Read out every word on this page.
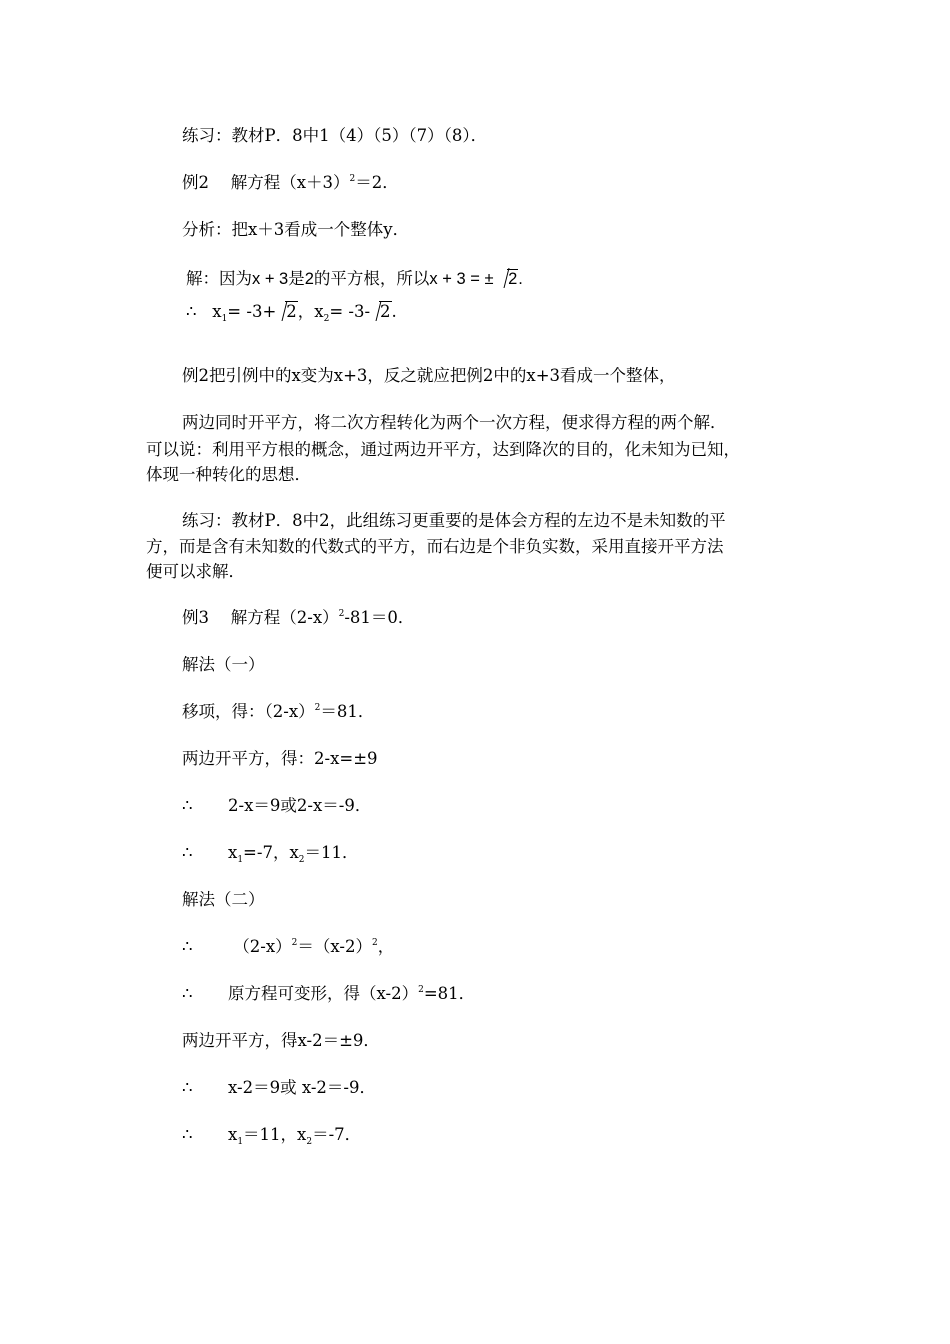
练习：教材P．8中1（4）（5）（7）（8）．
例2　 解方程$(x+3)^2=2$．
分析：把x＋3看成一个整体y．
解：因为x + 3是2的平方根，所以x + 3 = ± 2.
∴ $x_1= -3+ 2$，$x_2= -3-$ 2.
例2把引例中的x变为x+3，反之就应把例2中的x+3看成一个整体，
两边同时开平方，将二次方程转化为两个一次方程，便求得方程的两个解．
可以说：利用平方根的概念，通过两边开平方，达到降次的目的，化未知为已知，
体现一种转化的思想．
练习：教材P．8中2，此组练习更重要的是体会方程的左边不是未知数的平
方，而是含有未知数的代数式的平方，而右边是个非负实数，采用直接开平方法
便可以求解．
例3　 解方程$(2-x)^2-81=0$．
解法（一）
移项，得：$(2-x)^2=81$．
两边开平方，得：2-x=±9
∴ 2-x＝9或2-x＝-9．
∴ $x_1=-7$，$x_2=11$．
解法（二）
∴ $(2-x)^2=(x-2)^2$，
∴ 原方程可变形，得$(x-2)^2=81$．
两边开平方，得x-2＝±9．
∴ x-2＝9或 x-2＝-9．
∴ $x_1=11$，$x_2=-7$．
